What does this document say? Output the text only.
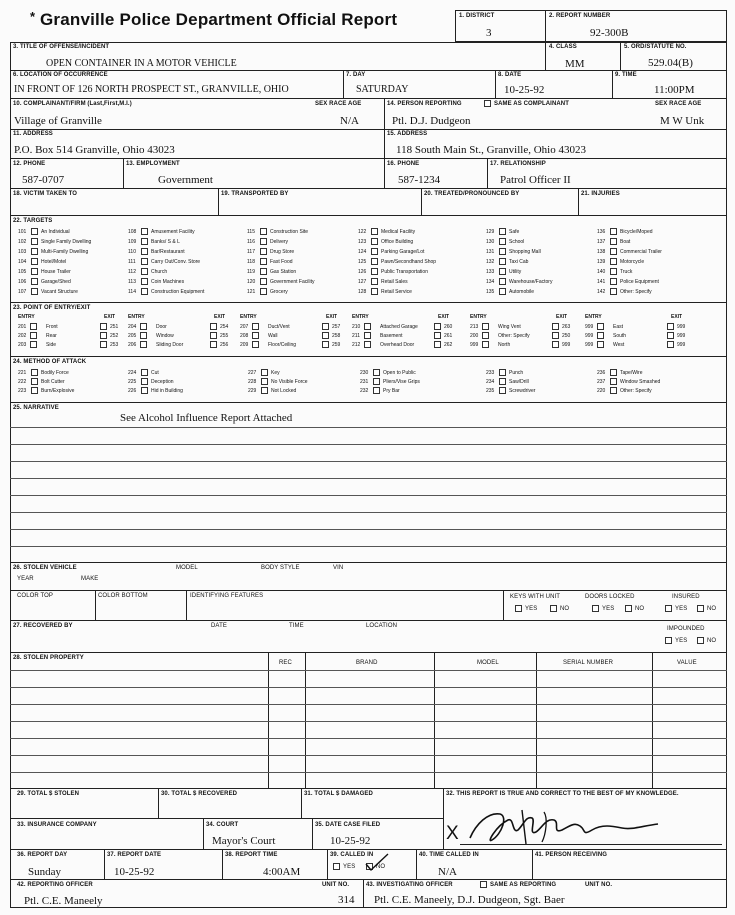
* Granville Police Department Official Report	1. DISTRICT
3
2. REPORT NUMBER
92-300B
3. TITLE OF OFFENSE/INCIDENT
OPEN CONTAINER IN A MOTOR VEHICLE
4. CLASS
MM
5. ORD/STATUTE NO.
529.04(B)
6. LOCATION OF OCCURRENCE
IN FRONT OF 126 NORTH PROSPECT ST., GRANVILLE, OHIO
7. DAY
SATURDAY
8. DATE
10-25-92
9. TIME
11:00PM
10. COMPLAINANT/FIRM (Last,First,M.I.)	SEX RACE AGE
Village of Granville	N/A
14. PERSON REPORTING	SAME AS COMPLAINANT	SEX RACE AGE
Ptl. D.J. Dudgeon	M W Unk
11. ADDRESS
P.O. Box 514 Granville, Ohio 43023
15. ADDRESS
118 South Main St., Granville, Ohio 43023
12. PHONE
587-0707
13. EMPLOYMENT
Government
16. PHONE
587-1234
17. RELATIONSHIP
Patrol Officer II
18. VICTIM TAKEN TO	19. TRANSPORTED BY	20. TREATED/PRONOUNCED BY	21. INJURIES
22. TARGETS
23. POINT OF ENTRY/EXIT
24. METHOD OF ATTACK
25. NARRATIVE
See Alcohol Influence Report Attached
26. STOLEN VEHICLE	MODEL	BODY STYLE	VIN
YEAR	MAKE
COLOR TOP	COLOR BOTTOM	IDENTIFYING FEATURES	KEYS WITH UNIT	DOORS LOCKED	INSURED
YES	NO	YES	NO	YES	NO
27. RECOVERED BY	DATE	TIME	LOCATION	IMPOUNDED
YES	NO
28. STOLEN PROPERTY
REC	BRAND	MODEL	SERIAL NUMBER	VALUE
29. TOTAL $ STOLEN	30. TOTAL $ RECOVERED	31. TOTAL $ DAMAGED	32. THIS REPORT IS TRUE AND CORRECT TO THE BEST OF MY KNOWLEDGE.
33. INSURANCE COMPANY	34. COURT
Mayor's Court
35. DATE CASE FILED
10-25-92	X
36. REPORT DAY
Sunday
37. REPORT DATE
10-25-92
38. REPORT TIME
4:00AM
39. CALLED IN
YES	NO
40. TIME CALLED IN
N/A
41. PERSON RECEIVING
42. REPORTING OFFICER	UNIT NO.
Ptl. C.E. Maneely	314
43. INVESTIGATING OFFICER	SAME AS REPORTING	UNIT NO.
Ptl. C.E. Maneely, D.J. Dudgeon, Sgt. Baer
101	An Individual
102	Single Family Dwelling
103	Multi-Family Dwelling
104	Hotel/Motel
105	House Trailer
106	Garage/Shed
107	Vacant Structure
108	Amusement Facility
109	Banks/ S & L
110	Bar/Restaurant
111	Carry Out/Conv. Store
112	Church
113	Coin Machines
114	Construction Equipment
115	Construction Site
116	Delivery
117	Drug Store
118	Fast Food
119	Gas Station
120	Government Facility
121	Grocery
122	Medical Facility
123	Office Building
124	Parking Garage/Lot
125	Pawn/Secondhand Shop
126	Public Transportation
127	Retail Sales
128	Retail Service
129	Safe
130	School
131	Shopping Mall
132	Taxi Cab
133	Utility
134	Warehouse/Factory
135	Automobile
136	Bicycle/Moped
137	Boat
138	Commercial Trailer
139	Motorcycle
140	Truck
141	Police Equipment
142	Other: Specify
ENTRY	EXIT
201	Front	251
202	Rear	252
203	Side	253
ENTRY	EXIT
204	Door	254
205	Window	255
206	Sliding Door	256
ENTRY	EXIT
207	Duct/Vent	257
208	Wall	258
209	Floor/Ceiling	259
ENTRY	EXIT
210	Attached Garage	260
211	Basement	261
212	Overhead Door	262
ENTRY	EXIT
213	Wing Vent	263
200	Other: Specify	250
999	North	999
ENTRY	EXIT
999	East	999
999	South	999
999	West	999
221	Bodily Force
222	Bolt Cutter
223	Burn/Explosive
224	Cut
225	Deception
226	Hid in Building
227	Key
228	No Visible Force
229	Not Locked
230	Open to Public
231	Pliers/Vise Grips
232	Pry Bar
233	Punch
234	Saw/Drill
235	Screwdriver
236	Tape/Wire
237	Window Smashed
220	Other: Specify
